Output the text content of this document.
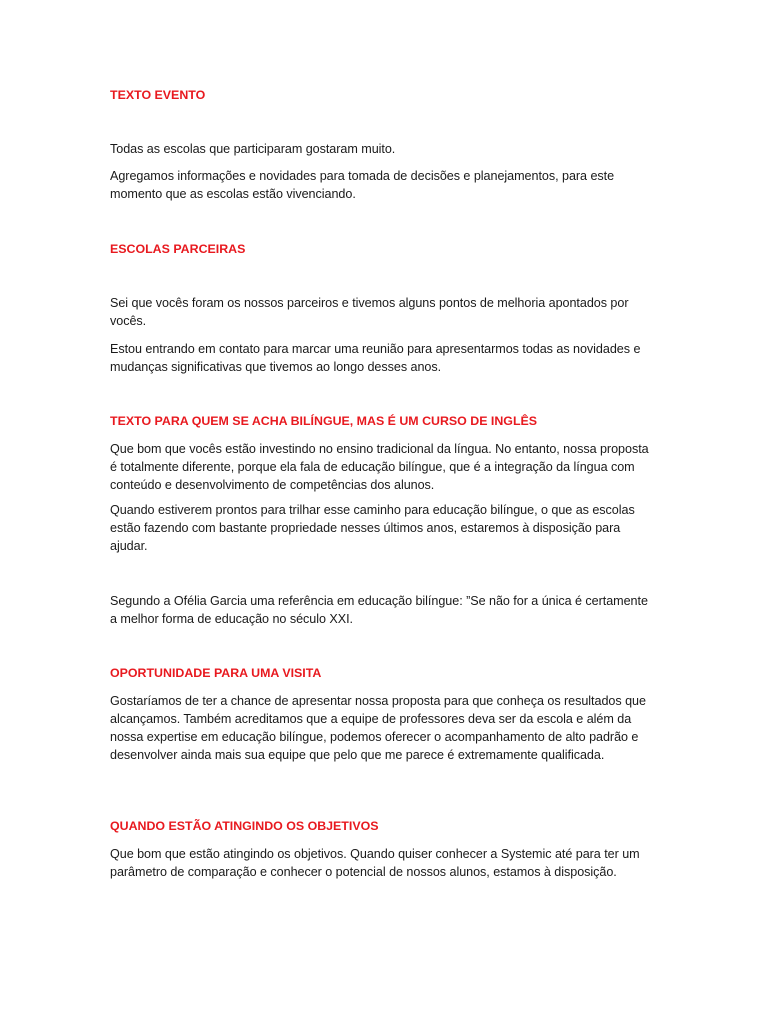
TEXTO EVENTO

Todas as escolas que participaram gostaram muito.

Agregamos informações e novidades para tomada de decisões e planejamentos, para este momento que as escolas estão vivenciando.

ESCOLAS PARCEIRAS

Sei que vocês foram os nossos parceiros e tivemos alguns pontos de melhoria apontados por vocês.

Estou entrando em contato para marcar uma reunião para apresentarmos todas as novidades e mudanças significativas que tivemos ao longo desses anos.

TEXTO PARA QUEM SE ACHA BILÍNGUE, MAS É UM CURSO DE INGLÊS

Que bom que vocês estão investindo no ensino tradicional da língua. No entanto, nossa proposta é totalmente diferente, porque ela fala de educação bilíngue, que é a integração da língua com conteúdo e desenvolvimento de competências dos alunos.

Quando estiverem prontos para trilhar esse caminho para educação bilíngue, o que as escolas estão fazendo com bastante propriedade nesses últimos anos, estaremos à disposição para ajudar.

Segundo a Ofélia Garcia uma referência em educação bilíngue: ”Se não for a única é certamente a melhor forma de educação no século XXI.

OPORTUNIDADE PARA UMA VISITA

Gostaríamos de ter a chance de apresentar nossa proposta para que conheça os resultados que alcançamos. Também acreditamos que a equipe de professores deva ser da escola e além da nossa expertise em educação bilíngue, podemos oferecer o acompanhamento de alto padrão e desenvolver ainda mais sua equipe que pelo que me parece é extremamente qualificada.

QUANDO ESTÃO ATINGINDO OS OBJETIVOS

Que bom que estão atingindo os objetivos. Quando quiser conhecer a Systemic até para ter um parâmetro de comparação e conhecer o potencial de nossos alunos, estamos à disposição.
